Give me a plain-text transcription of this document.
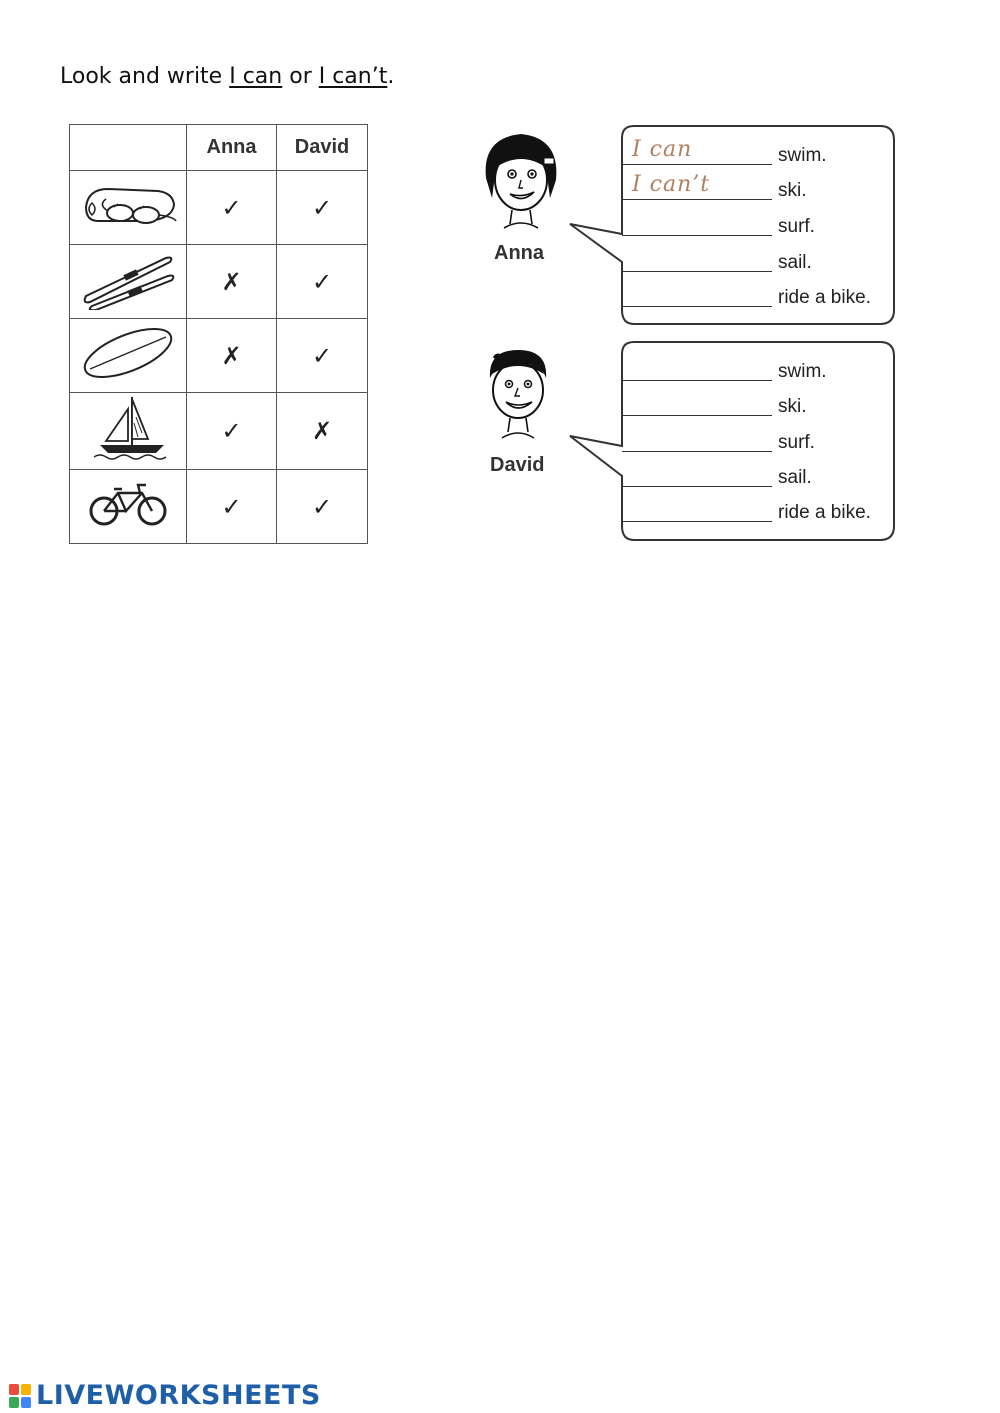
Look and write I can or I can’t.
	Anna	David
	✓	✓
	✗	✓
	✗	✓
	✓	✗
	✓	✓
Anna
I can	swim.
I can’t	ski.
surf.
sail.
ride a bike.
David
swim.
ski.
surf.
sail.
ride a bike.
LIVEWORKSHEETS
